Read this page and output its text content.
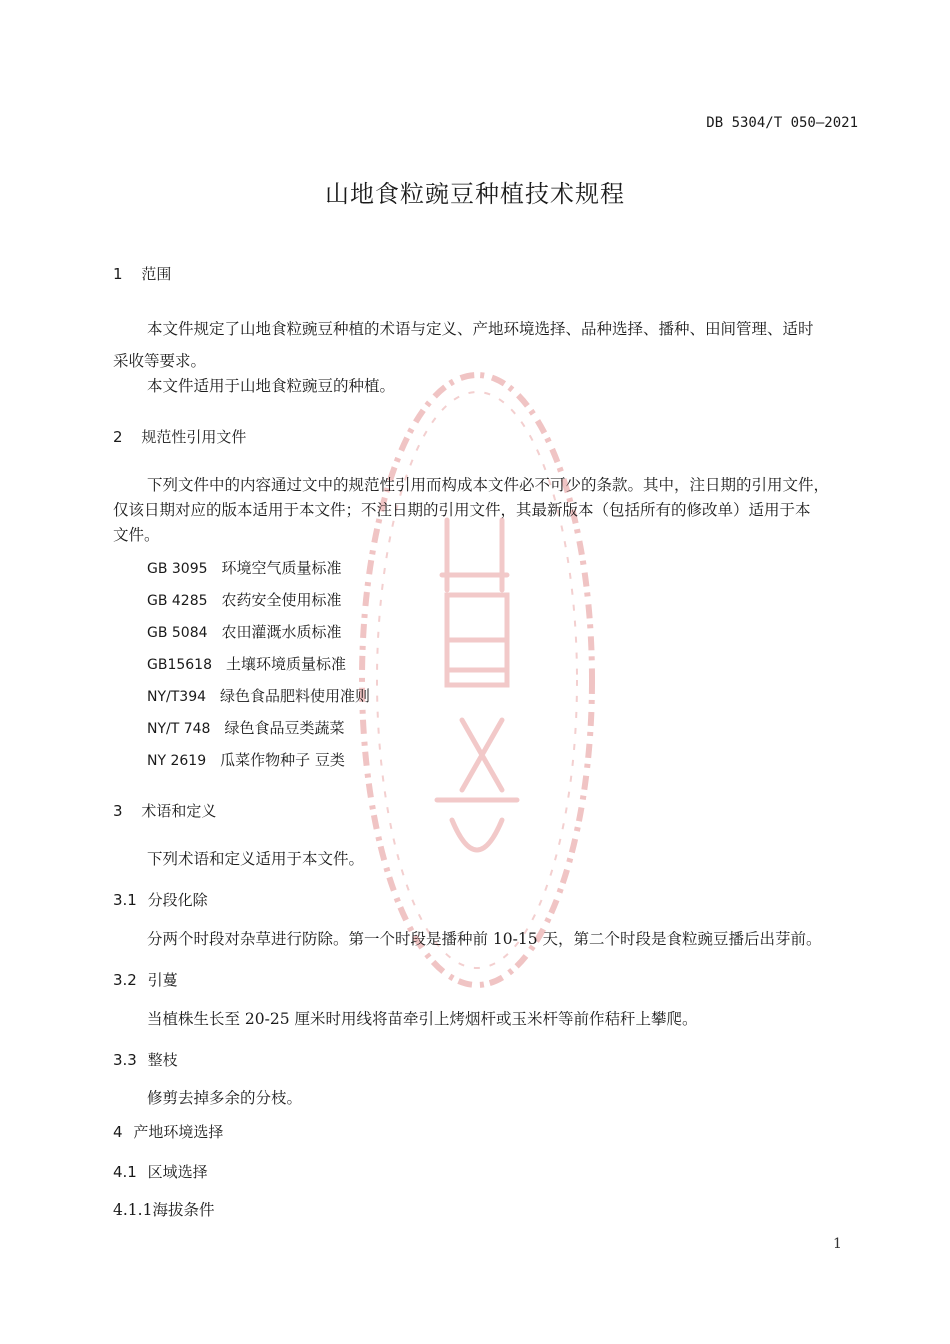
DB 5304/T 050—2021
山地食粒豌豆种植技术规程
1 范围
本文件规定了山地食粒豌豆种植的术语与定义、产地环境选择、品种选择、播种、田间管理、适时
采收等要求。
本文件适用于山地食粒豌豆的种植。
2 规范性引用文件
下列文件中的内容通过文中的规范性引用而构成本文件必不可少的条款。其中，注日期的引用文件，
仅该日期对应的版本适用于本文件；不注日期的引用文件，其最新版本（包括所有的修改单）适用于本
文件。
GB 3095 环境空气质量标准
GB 4285 农药安全使用标准
GB 5084 农田灌溉水质标准
GB15618 土壤环境质量标准
NY/T394 绿色食品肥料使用准则
NY/T 748 绿色食品豆类蔬菜
NY 2619 瓜菜作物种子 豆类
3 术语和定义
下列术语和定义适用于本文件。
3.1 分段化除
分两个时段对杂草进行防除。第一个时段是播种前 10-15 天，第二个时段是食粒豌豆播后出芽前。
3.2 引蔓
当植株生长至 20-25 厘米时用线将苗牵引上烤烟杆或玉米杆等前作秸秆上攀爬。
3.3 整枝
修剪去掉多余的分枝。
4 产地环境选择
4.1 区域选择
4.1.1海拔条件
1
